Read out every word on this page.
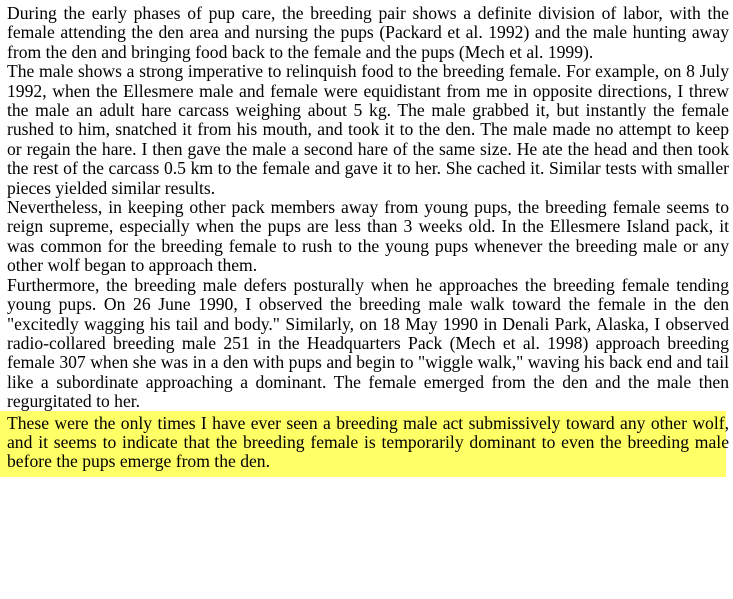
During the early phases of pup care, the breeding pair shows a definite division of labor, with the female attending the den area and nursing the pups (Packard et al. 1992) and the male hunting away from the den and bringing food back to the female and the pups (Mech et al. 1999).

The male shows a strong imperative to relinquish food to the breeding female. For example, on 8 July 1992, when the Ellesmere male and female were equidistant from me in opposite directions, I threw the male an adult hare carcass weighing about 5 kg. The male grabbed it, but instantly the female rushed to him, snatched it from his mouth, and took it to the den. The male made no attempt to keep or regain the hare. I then gave the male a second hare of the same size. He ate the head and then took the rest of the carcass 0.5 km to the female and gave it to her. She cached it. Similar tests with smaller pieces yielded similar results.

Nevertheless, in keeping other pack members away from young pups, the breeding female seems to reign supreme, especially when the pups are less than 3 weeks old. In the Ellesmere Island pack, it was common for the breeding female to rush to the young pups whenever the breeding male or any other wolf began to approach them.

Furthermore, the breeding male defers posturally when he approaches the breeding female tending young pups. On 26 June 1990, I observed the breeding male walk toward the female in the den "excitedly wagging his tail and body." Similarly, on 18 May 1990 in Denali Park, Alaska, I observed radio-collared breeding male 251 in the Headquarters Pack (Mech et al. 1998) approach breeding female 307 when she was in a den with pups and begin to "wiggle walk," waving his back end and tail like a subordinate approaching a dominant. The female emerged from the den and the male then regurgitated to her.

These were the only times I have ever seen a breeding male act submissively toward any other wolf, and it seems to indicate that the breeding female is temporarily dominant to even the breeding male before the pups emerge from the den.
